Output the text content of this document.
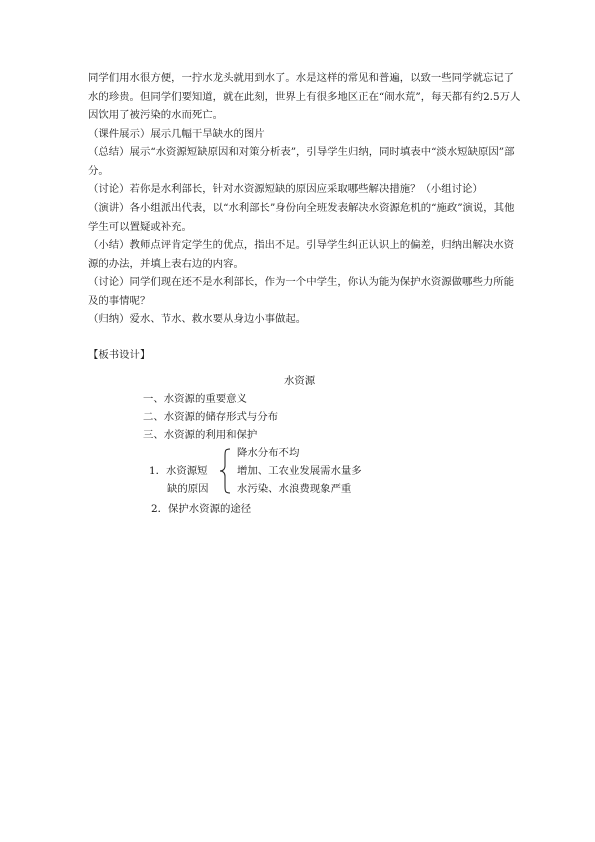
同学们用水很方便，一拧水龙头就用到水了。水是这样的常见和普遍，以致一些同学就忘记了水的珍贵。但同学们要知道，就在此刻，世界上有很多地区正在“闹水荒”，每天都有约2.5万人因饮用了被污染的水而死亡。

（课件展示）展示几幅干旱缺水的图片

（总结）展示“水资源短缺原因和对策分析表”，引导学生归纳，同时填表中“淡水短缺原因”部分。

（讨论）若你是水利部长，针对水资源短缺的原因应采取哪些解决措施？（小组讨论）

（演讲）各小组派出代表，以“水利部长”身份向全班发表解决水资源危机的“施政”演说，其他学生可以置疑或补充。

（小结）教师点评肯定学生的优点，指出不足。引导学生纠正认识上的偏差，归纳出解决水资源的办法，并填上表右边的内容。

（讨论）同学们现在还不是水利部长，作为一个中学生，你认为能为保护水资源做哪些力所能及的事情呢？

（归纳）爱水、节水、救水要从身边小事做起。

【板书设计】

水资源

一、水资源的重要意义

二、水资源的储存形式与分布

三、水资源的利用和保护

降水分布不均

1．水资源短	增加、工农业发展需水量多

缺的原因	水污染、水浪费现象严重

2．保护水资源的途径
